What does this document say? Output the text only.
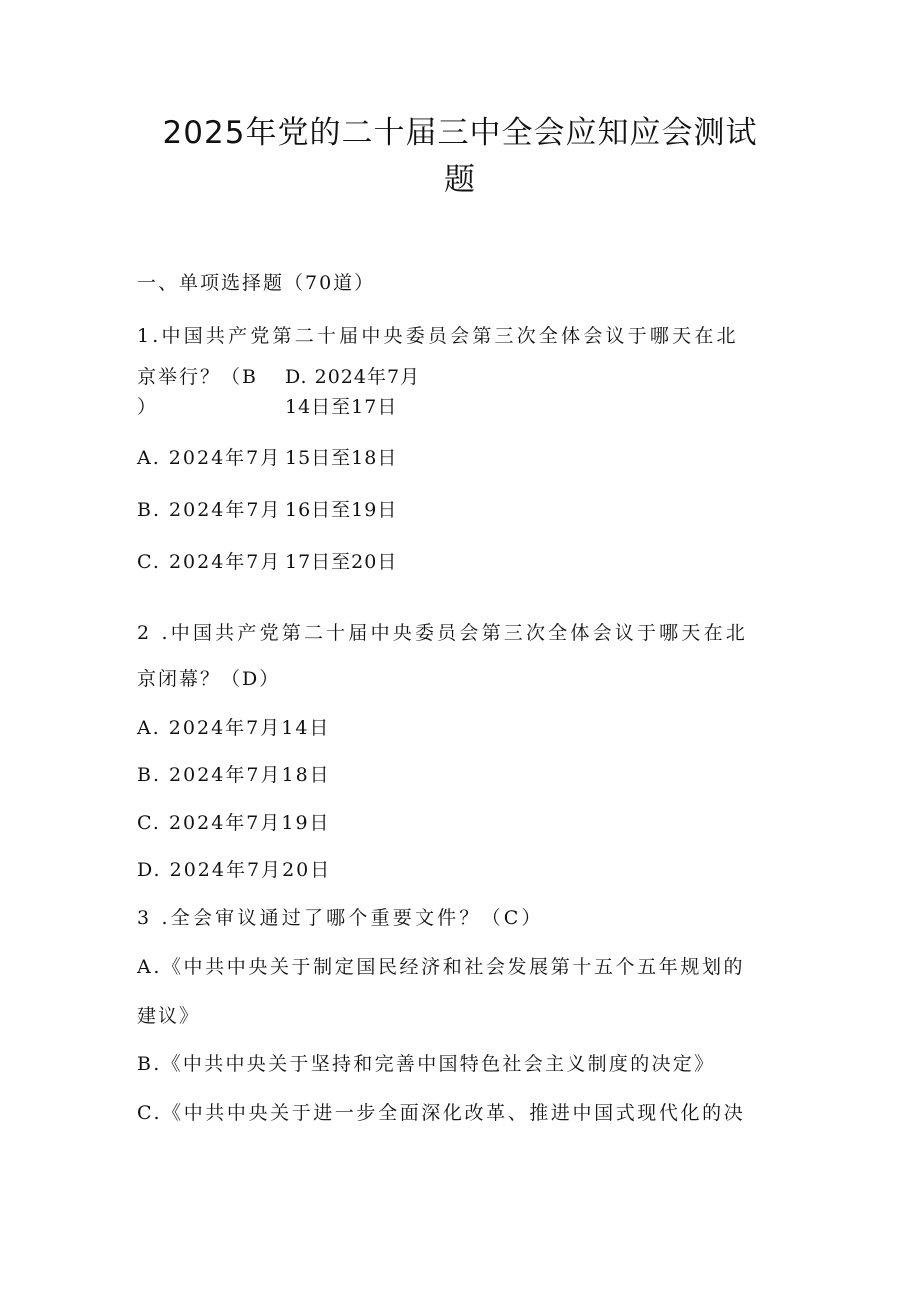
2025年党的二十届三中全会应知应会测试
题
一、单项选择题（70道）
1.中国共产党第二十届中央委员会第三次全体会议于哪天在北
京举行？（B D. 2024年7月
）	14日至17日
A. 2024年7月 15日至18日
B. 2024年7月 16日至19日
C. 2024年7月 17日至20日
2 .中国共产党第二十届中央委员会第三次全体会议于哪天在北
京闭幕？（D）
A. 2024年7月14日
B. 2024年7月18日
C. 2024年7月19日
D. 2024年7月20日
3 .全会审议通过了哪个重要文件？（C）
A.《中共中央关于制定国民经济和社会发展第十五个五年规划的
建议》
B.《中共中央关于坚持和完善中国特色社会主义制度的决定》
C.《中共中央关于进一步全面深化改革、推进中国式现代化的决
